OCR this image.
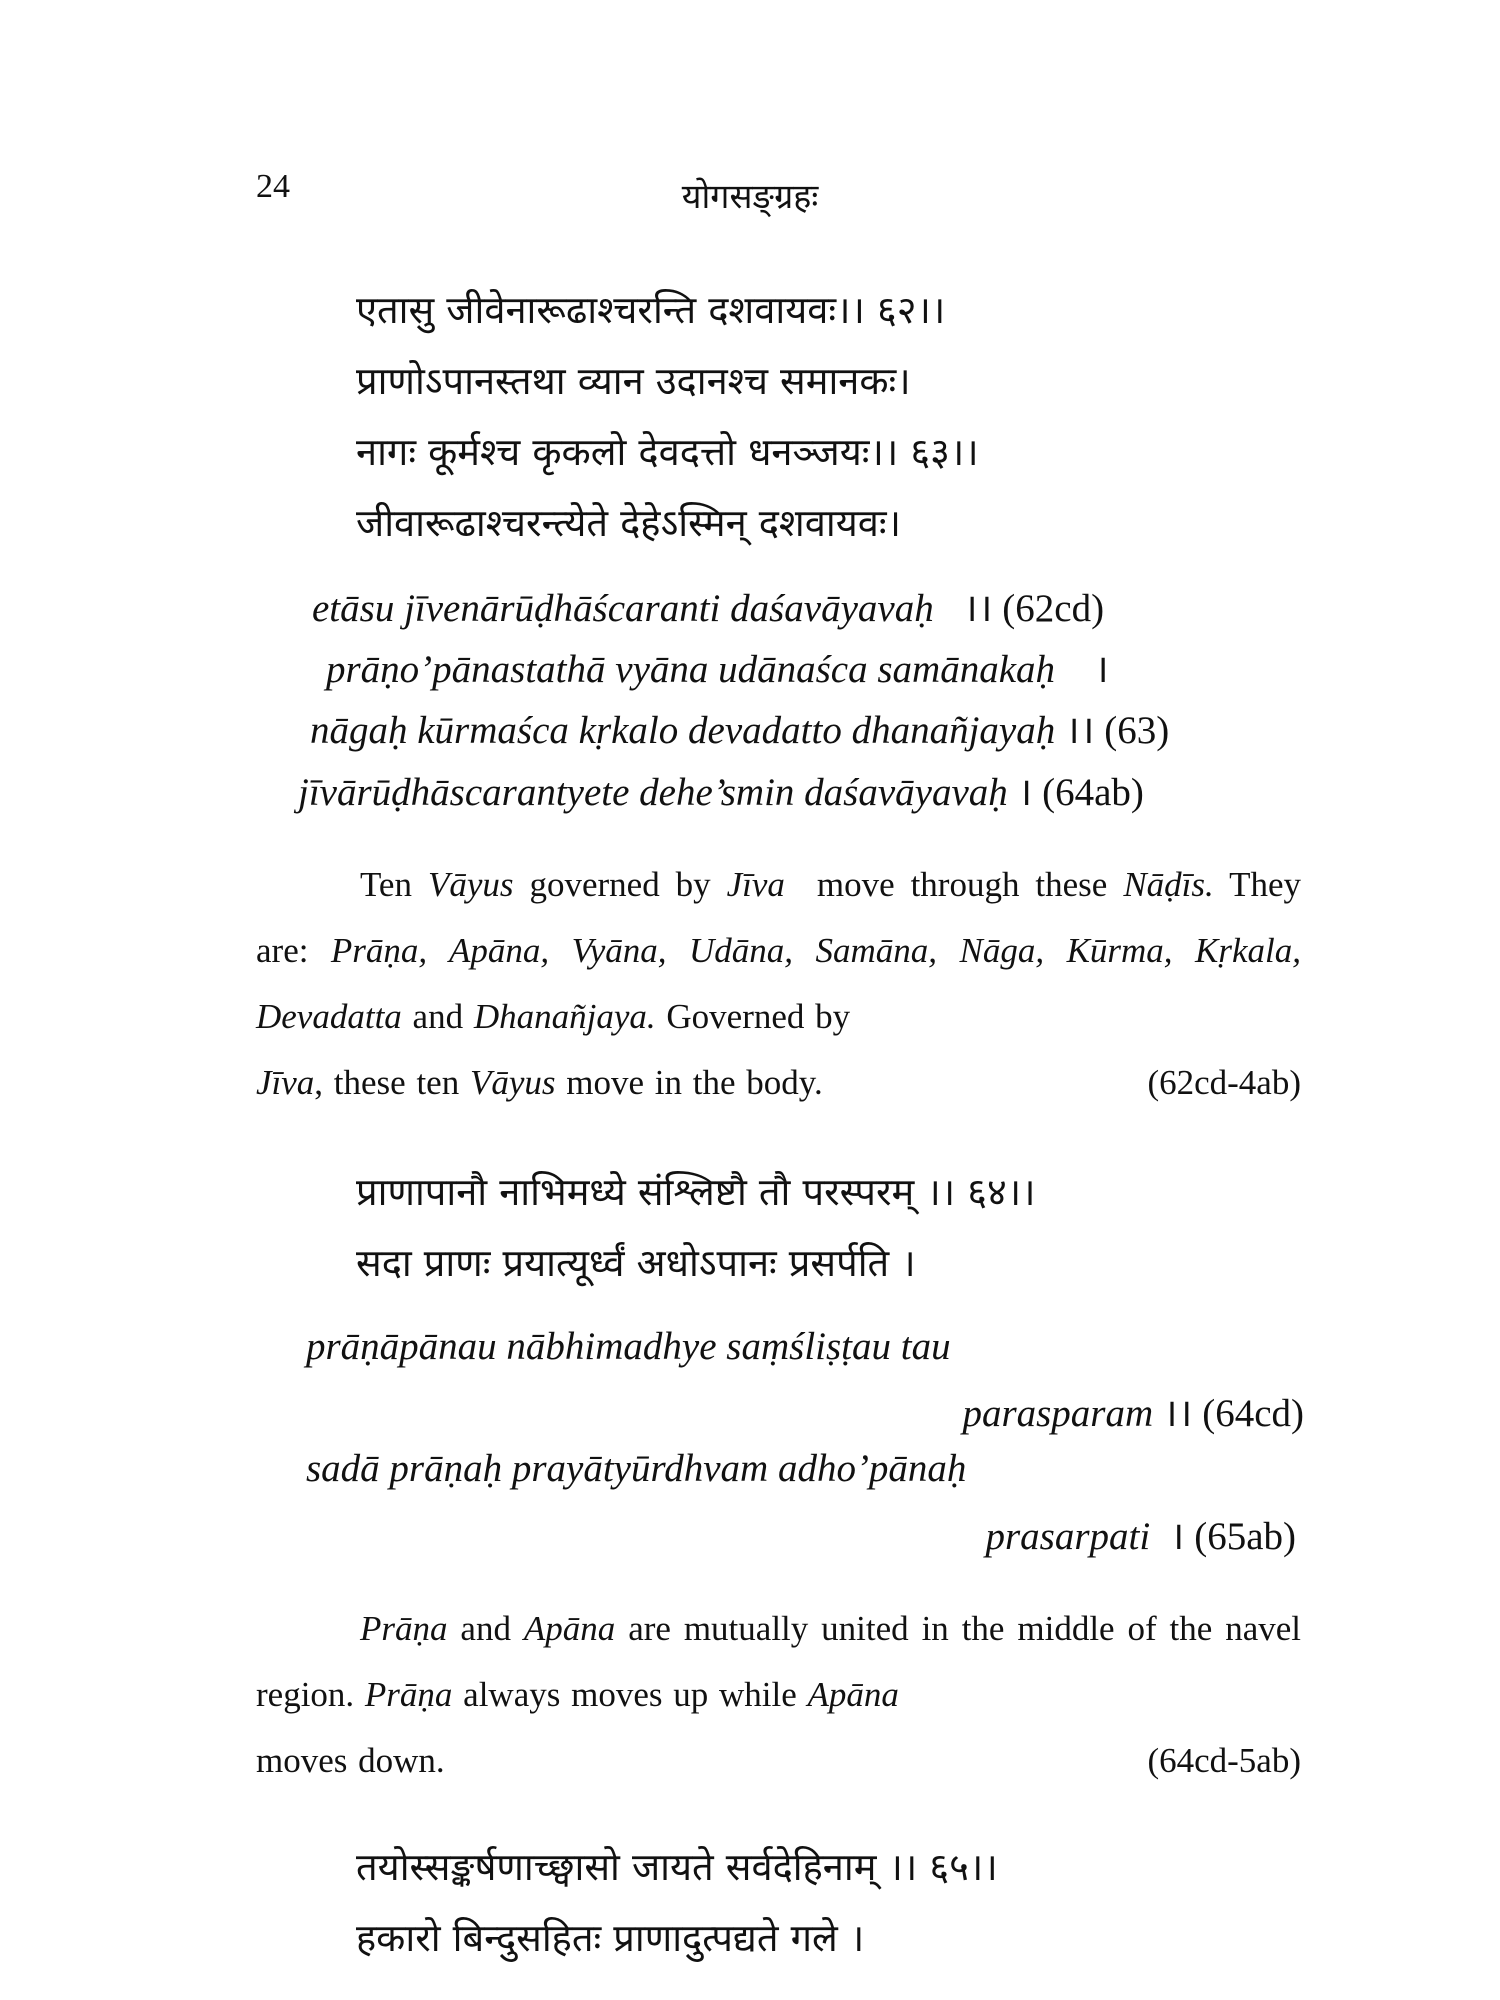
24	योगसङ्ग्रहः
एतासु जीवेनारूढाश्चरन्ति दशवायवः।। ६२।।
प्राणोऽपानस्तथा व्यान उदानश्च समानकः।
नागः कूर्मश्च कृकलो देवदत्तो धनञ्जयः।। ६३।।
जीवारूढाश्चरन्त्येते देहेऽस्मिन् दशवायवः।
etāsu jīvenārūḍhāścaranti daśavāyavaḥ ।। (62cd)
prāṇo’pānastathā vyāna udānaśca samānakaḥ ।
nāgaḥ kūrmaśca kṛkalo devadatto dhanañjayaḥ ।। (63)
jīvārūḍhāscarantyete dehe’smin daśavāyavaḥ । (64ab)

Ten Vāyus governed by Jīva move through these Nāḍīs. They are: Prāṇa, Apāna, Vyāna, Udāna, Samāna, Nāga, Kūrma, Kṛkala, Devadatta and Dhanañjaya. Governed by

Jīva, these ten Vāyus move in the body.	(62cd-4ab)
प्राणापानौ नाभिमध्ये संश्लिष्टौ तौ परस्परम् ।। ६४।।
सदा प्राणः प्रयात्यूर्ध्वं अधोऽपानः प्रसर्पति ।
prāṇāpānau nābhimadhye saṃśliṣṭau tau
parasparam ।। (64cd)
sadā prāṇaḥ prayātyūrdhvam adho’pānaḥ
prasarpati । (65ab)

Prāṇa and Apāna are mutually united in the middle of the navel region. Prāṇa always moves up while Apāna

moves down.	(64cd-5ab)
तयोस्सङ्कर्षणाच्छ्वासो जायते सर्वदेहिनाम् ।। ६५।।
हकारो बिन्दुसहितः प्राणादुत्पद्यते गले ।
